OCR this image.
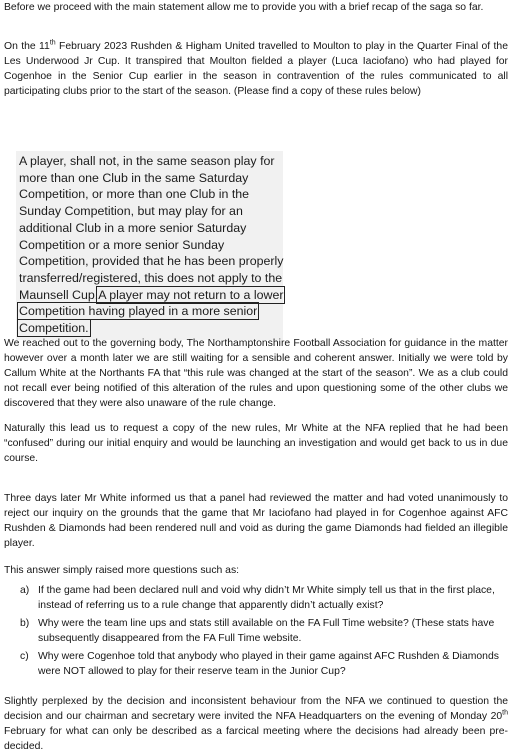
Before we proceed with the main statement allow me to provide you with a brief recap of the saga so far.

On the 11th February 2023 Rushden & Higham United travelled to Moulton to play in the Quarter Final of the Les Underwood Jr Cup. It transpired that Moulton fielded a player (Luca Iaciofano) who had played for Cogenhoe in the Senior Cup earlier in the season in contravention of the rules communicated to all participating clubs prior to the start of the season. (Please find a copy of these rules below)

A player, shall not, in the same season play for
more than one Club in the same Saturday
Competition, or more than one Club in the
Sunday Competition, but may play for an
additional Club in a more senior Saturday
Competition or a more senior Sunday
Competition, provided that he has been properly
transferred/registered, this does not apply to the
Maunsell Cup.A player may not return to a lower
Competition having played in a more senior
Competition.

We reached out to the governing body, The Northamptonshire Football Association for guidance in the matter however over a month later we are still waiting for a sensible and coherent answer. Initially we were told by Callum White at the Northants FA that “this rule was changed at the start of the season”. We as a club could not recall ever being notified of this alteration of the rules and upon questioning some of the other clubs we discovered that they were also unaware of the rule change.

Naturally this lead us to request a copy of the new rules, Mr White at the NFA replied that he had been “confused” during our initial enquiry and would be launching an investigation and would get back to us in due course.

Three days later Mr White informed us that a panel had reviewed the matter and had voted unanimously to reject our inquiry on the grounds that the game that Mr Iaciofano had played in for Cogenhoe against AFC Rushden & Diamonds had been rendered null and void as during the game Diamonds had fielded an illegible player.

This answer simply raised more questions such as:

a) If the game had been declared null and void why didn’t Mr White simply tell us that in the first place, instead of referring us to a rule change that apparently didn’t actually exist?
b) Why were the team line ups and stats still available on the FA Full Time website? (These stats have subsequently disappeared from the FA Full Time website.
c) Why were Cogenhoe told that anybody who played in their game against AFC Rushden & Diamonds were NOT allowed to play for their reserve team in the Junior Cup?

Slightly perplexed by the decision and inconsistent behaviour from the NFA we continued to question the decision and our chairman and secretary were invited the NFA Headquarters on the evening of Monday 20th February for what can only be described as a farcical meeting where the decisions had already been pre-decided.
